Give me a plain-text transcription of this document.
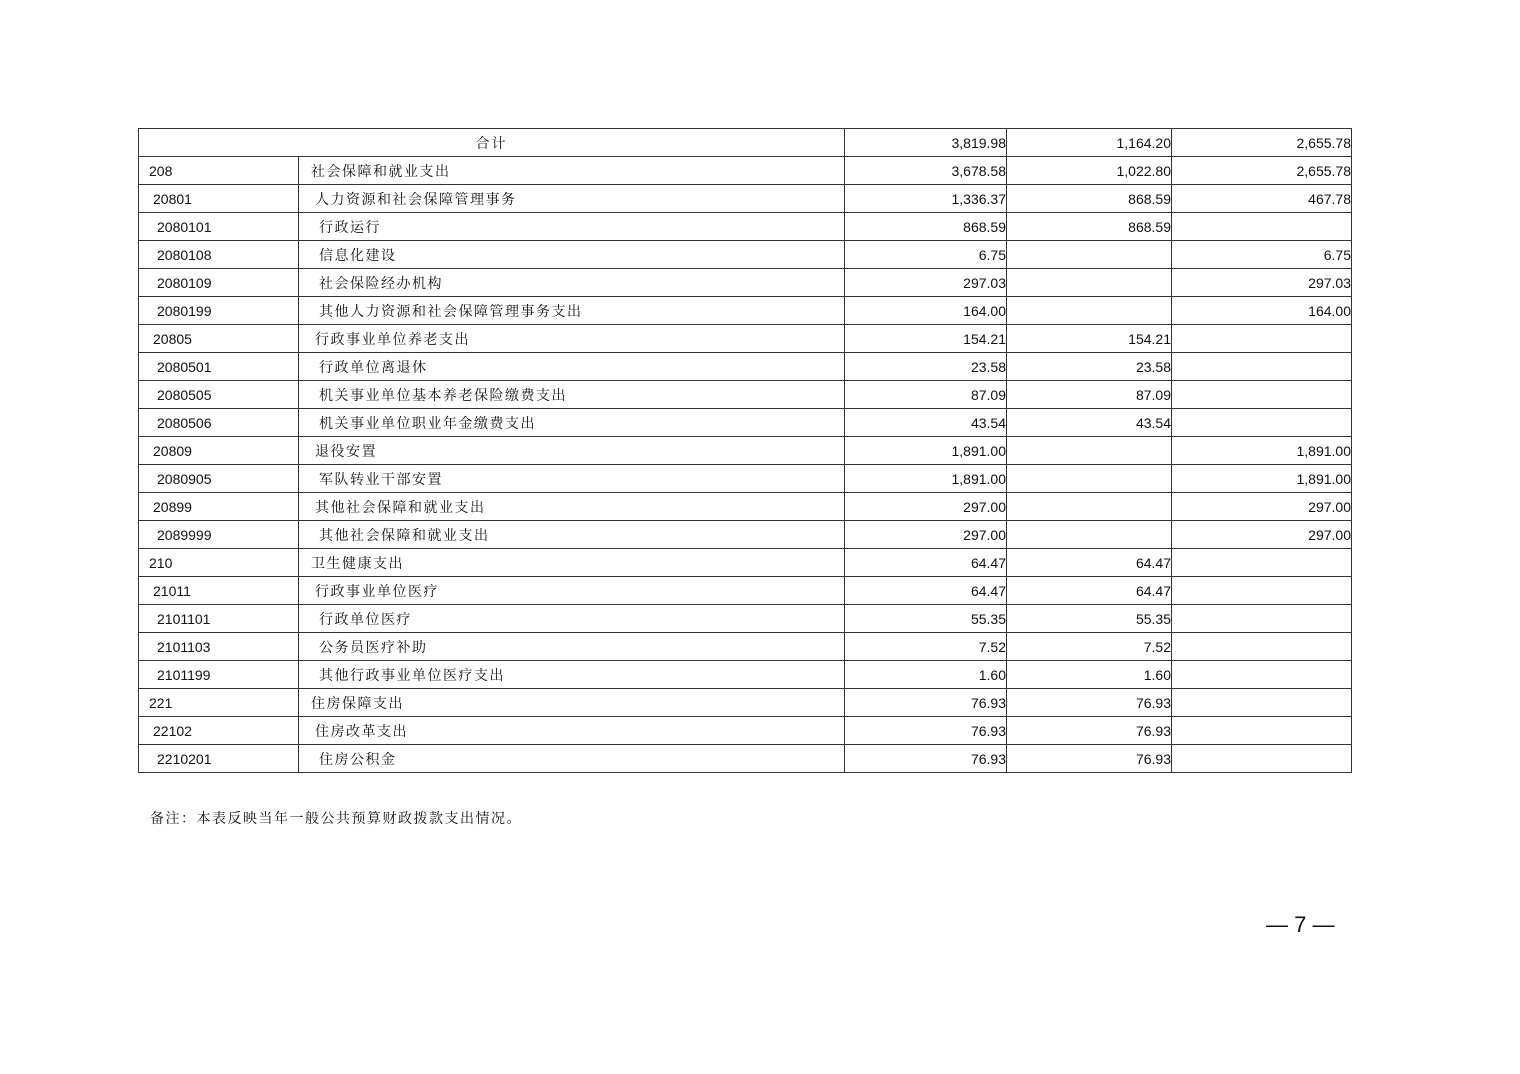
合计		3,819.98	1,164.20	2,655.78
208	社会保障和就业支出	3,678.58	1,022.80	2,655.78
20801	人力资源和社会保障管理事务	1,336.37	868.59	467.78
2080101	行政运行	868.59	868.59	
2080108	信息化建设	6.75		6.75
2080109	社会保险经办机构	297.03		297.03
2080199	其他人力资源和社会保障管理事务支出	164.00		164.00
20805	行政事业单位养老支出	154.21	154.21	
2080501	行政单位离退休	23.58	23.58	
2080505	机关事业单位基本养老保险缴费支出	87.09	87.09	
2080506	机关事业单位职业年金缴费支出	43.54	43.54	
20809	退役安置	1,891.00		1,891.00
2080905	军队转业干部安置	1,891.00		1,891.00
20899	其他社会保障和就业支出	297.00		297.00
2089999	其他社会保障和就业支出	297.00		297.00
210	卫生健康支出	64.47	64.47	
21011	行政事业单位医疗	64.47	64.47	
2101101	行政单位医疗	55.35	55.35	
2101103	公务员医疗补助	7.52	7.52	
2101199	其他行政事业单位医疗支出	1.60	1.60	
221	住房保障支出	76.93	76.93	
22102	住房改革支出	76.93	76.93	
2210201	住房公积金	76.93	76.93	
备注：本表反映当年一般公共预算财政拨款支出情况。
— 7 —
